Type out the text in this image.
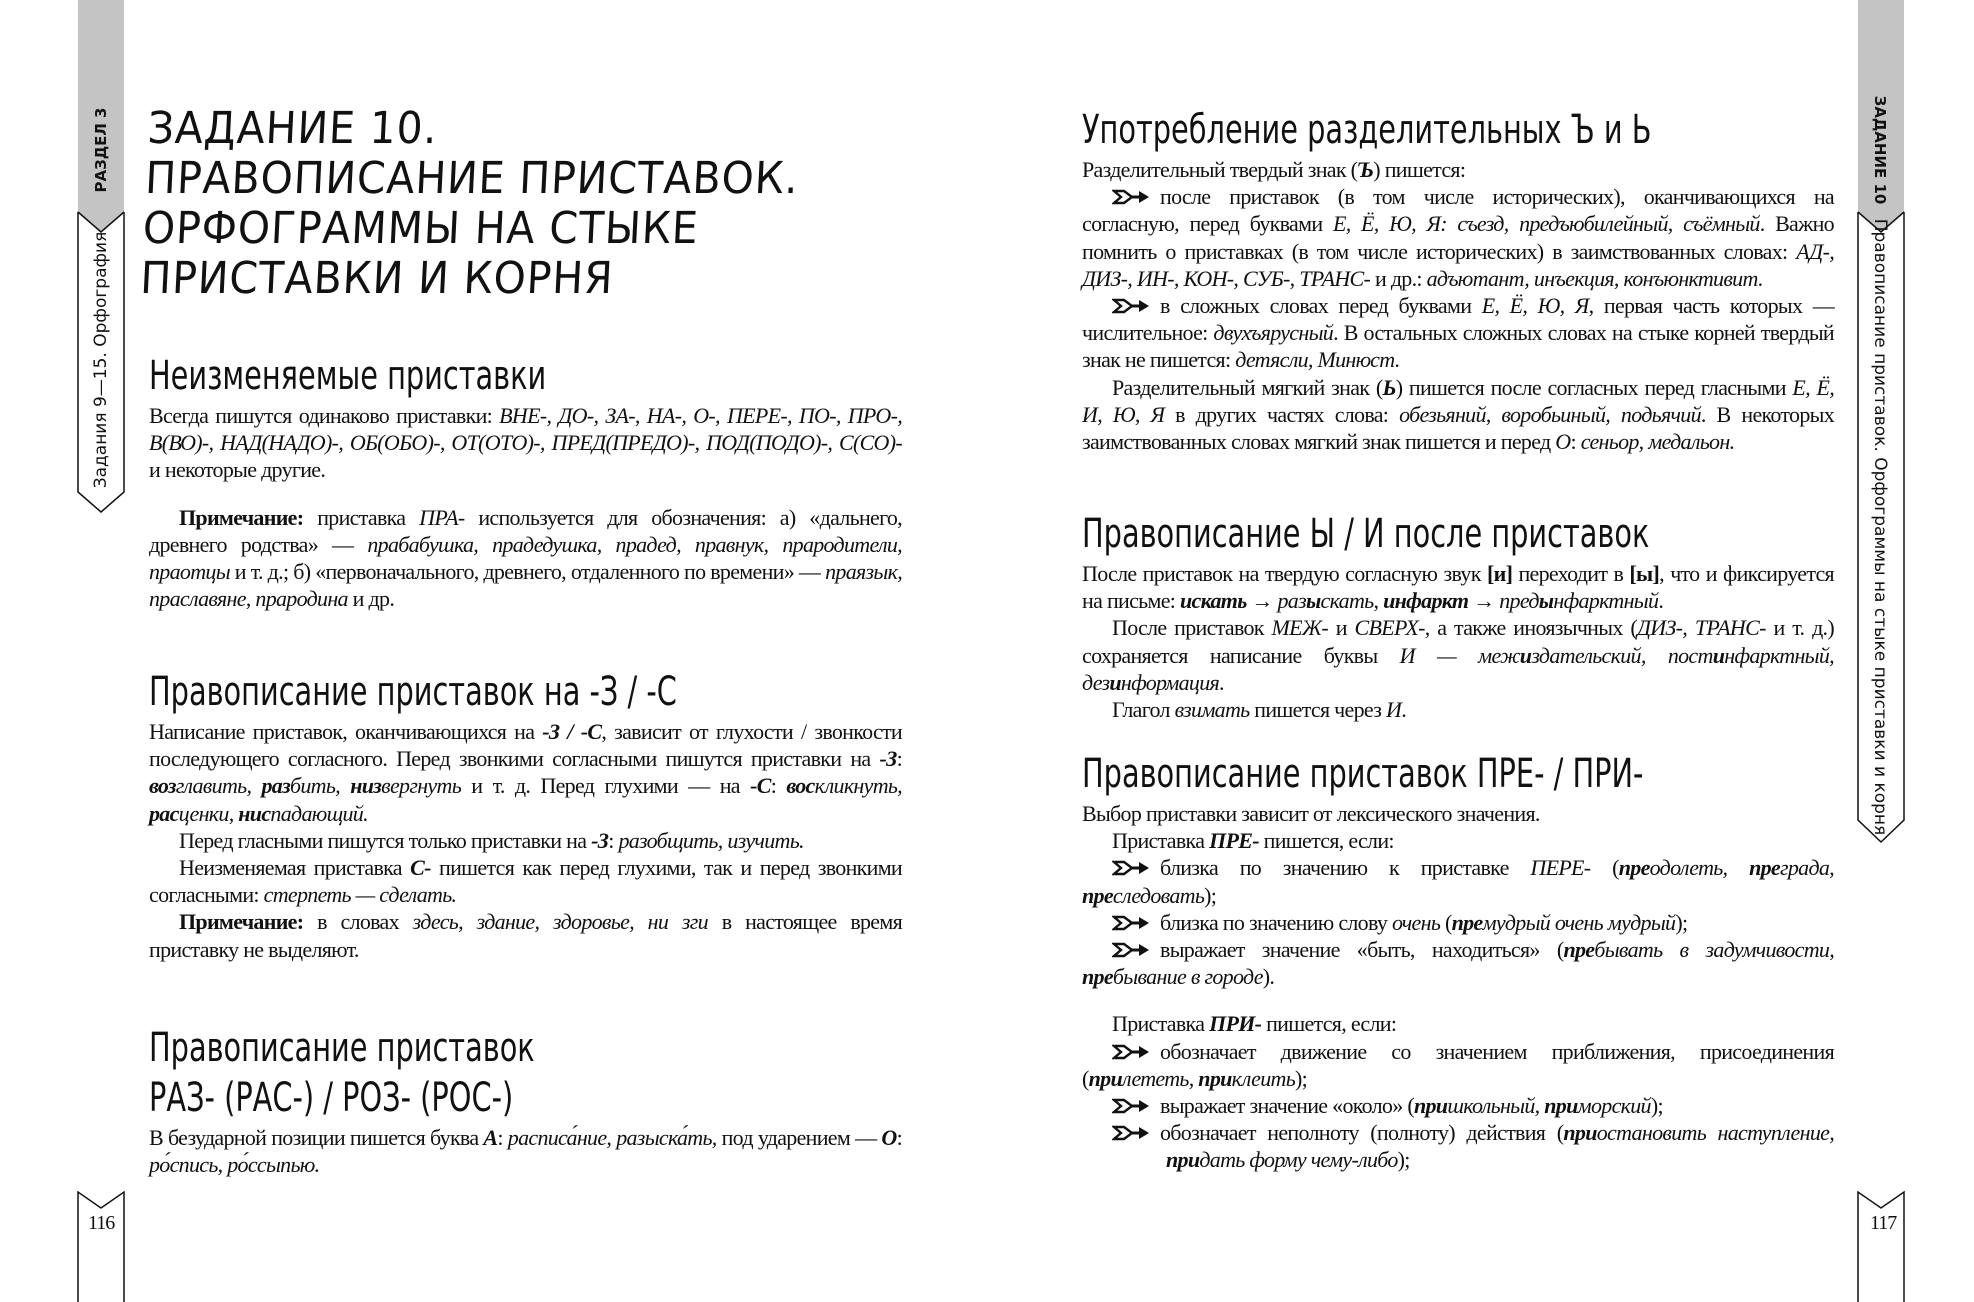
РАЗДЕЛ 3
Задания 9—15. Орфография
116
ЗАДАНИЕ 10
Правописание приставок. Орфограммы на стыке приставки и корня
117
ЗАДАНИЕ 10.
ПРАВОПИСАНИЕ ПРИСТАВОК.
ОРФОГРАММЫ НА СТЫКЕ
ПРИСТАВКИ И КОРНЯ
Неизменяемые приставки

Всегда пишутся одинаково приставки: ВНЕ-, ДО-, ЗА-, НА-, О-, ПЕРЕ-, ПО-, ПРО-, В(ВО)-, НАД(НАДО)-, ОБ(ОБО)-, ОТ(ОТО)-, ПРЕД(ПРЕДО)-, ПОД(ПОДО)-, С(СО)- и некоторые другие.

Примечание: приставка ПРА- используется для обозначения: а) «дальнего, древнего родства» — прабабушка, прадедушка, прадед, правнук, прародители, праотцы и т. д.; б) «первоначального, древнего, отдаленного по времени» — праязык, праславяне, прародина и др.

Правописание приставок на -З / -С

Написание приставок, оканчивающихся на -З / -С, зависит от глухости / звонкости последующего согласного. Перед звонкими согласными пишутся приставки на -З: возглавить, разбить, низвергнуть и т. д. Перед глухими — на -С: воскликнуть, расценки, ниспадающий.

Перед гласными пишутся только приставки на -З: разобщить, изучить.

Неизменяемая приставка С- пишется как перед глухими, так и перед звонкими согласными: стерпеть — сделать.

Примечание: в словах здесь, здание, здоровье, ни зги в настоящее время приставку не выделяют.

Правописание приставок
РАЗ- (РАС-) / РОЗ- (РОС-)

В безударной позиции пишется буква А: расписа́ние, разыска́ть, под ударением — О: ро́спись, ро́ссыпью.

Употребление разделительных Ъ и Ь

Разделительный твердый знак (Ъ) пишется:

после приставок (в том числе исторических), оканчивающихся на согласную, перед буквами Е, Ё, Ю, Я: съезд, предъюбилейный, съёмный. Важно помнить о приставках (в том числе исторических) в заимствованных словах: АД-, ДИЗ-, ИН-, КОН-, СУБ-, ТРАНС- и др.: адъютант, инъекция, конъюнктивит.

в сложных словах перед буквами Е, Ё, Ю, Я, первая часть которых — числительное: двухъярусный. В остальных сложных словах на стыке корней твердый знак не пишется: детясли, Минюст.

Разделительный мягкий знак (Ь) пишется после согласных перед гласными Е, Ё, И, Ю, Я в других частях слова: обезьяний, воробьиный, подьячий. В некоторых заимствованных словах мягкий знак пишется и перед О: сеньор, медальон.

Правописание Ы / И после приставок

После приставок на твердую согласную звук [и] переходит в [ы], что и фиксируется на письме: искать → разыскать, инфаркт → предынфарктный.

После приставок МЕЖ- и СВЕРХ-, а также иноязычных (ДИЗ-, ТРАНС- и т. д.) сохраняется написание буквы И — межиздательский, постинфарктный, дезинформация.

Глагол взимать пишется через И.

Правописание приставок ПРЕ- / ПРИ-

Выбор приставки зависит от лексического значения.

Приставка ПРЕ- пишется, если:

близка по значению к приставке ПЕРЕ- (преодолеть, преграда, преследовать);

близка по значению слову очень (премудрый очень мудрый);

выражает значение «быть, находиться» (пребывать в задумчивости, пребывание в городе).

Приставка ПРИ- пишется, если:

обозначает движение со значением приближения, присоединения (прилететь, приклеить);

выражает значение «около» (пришкольный, приморский);

обозначает неполноту (полноту) действия (приостановить наступление, придать форму чему-либо);
